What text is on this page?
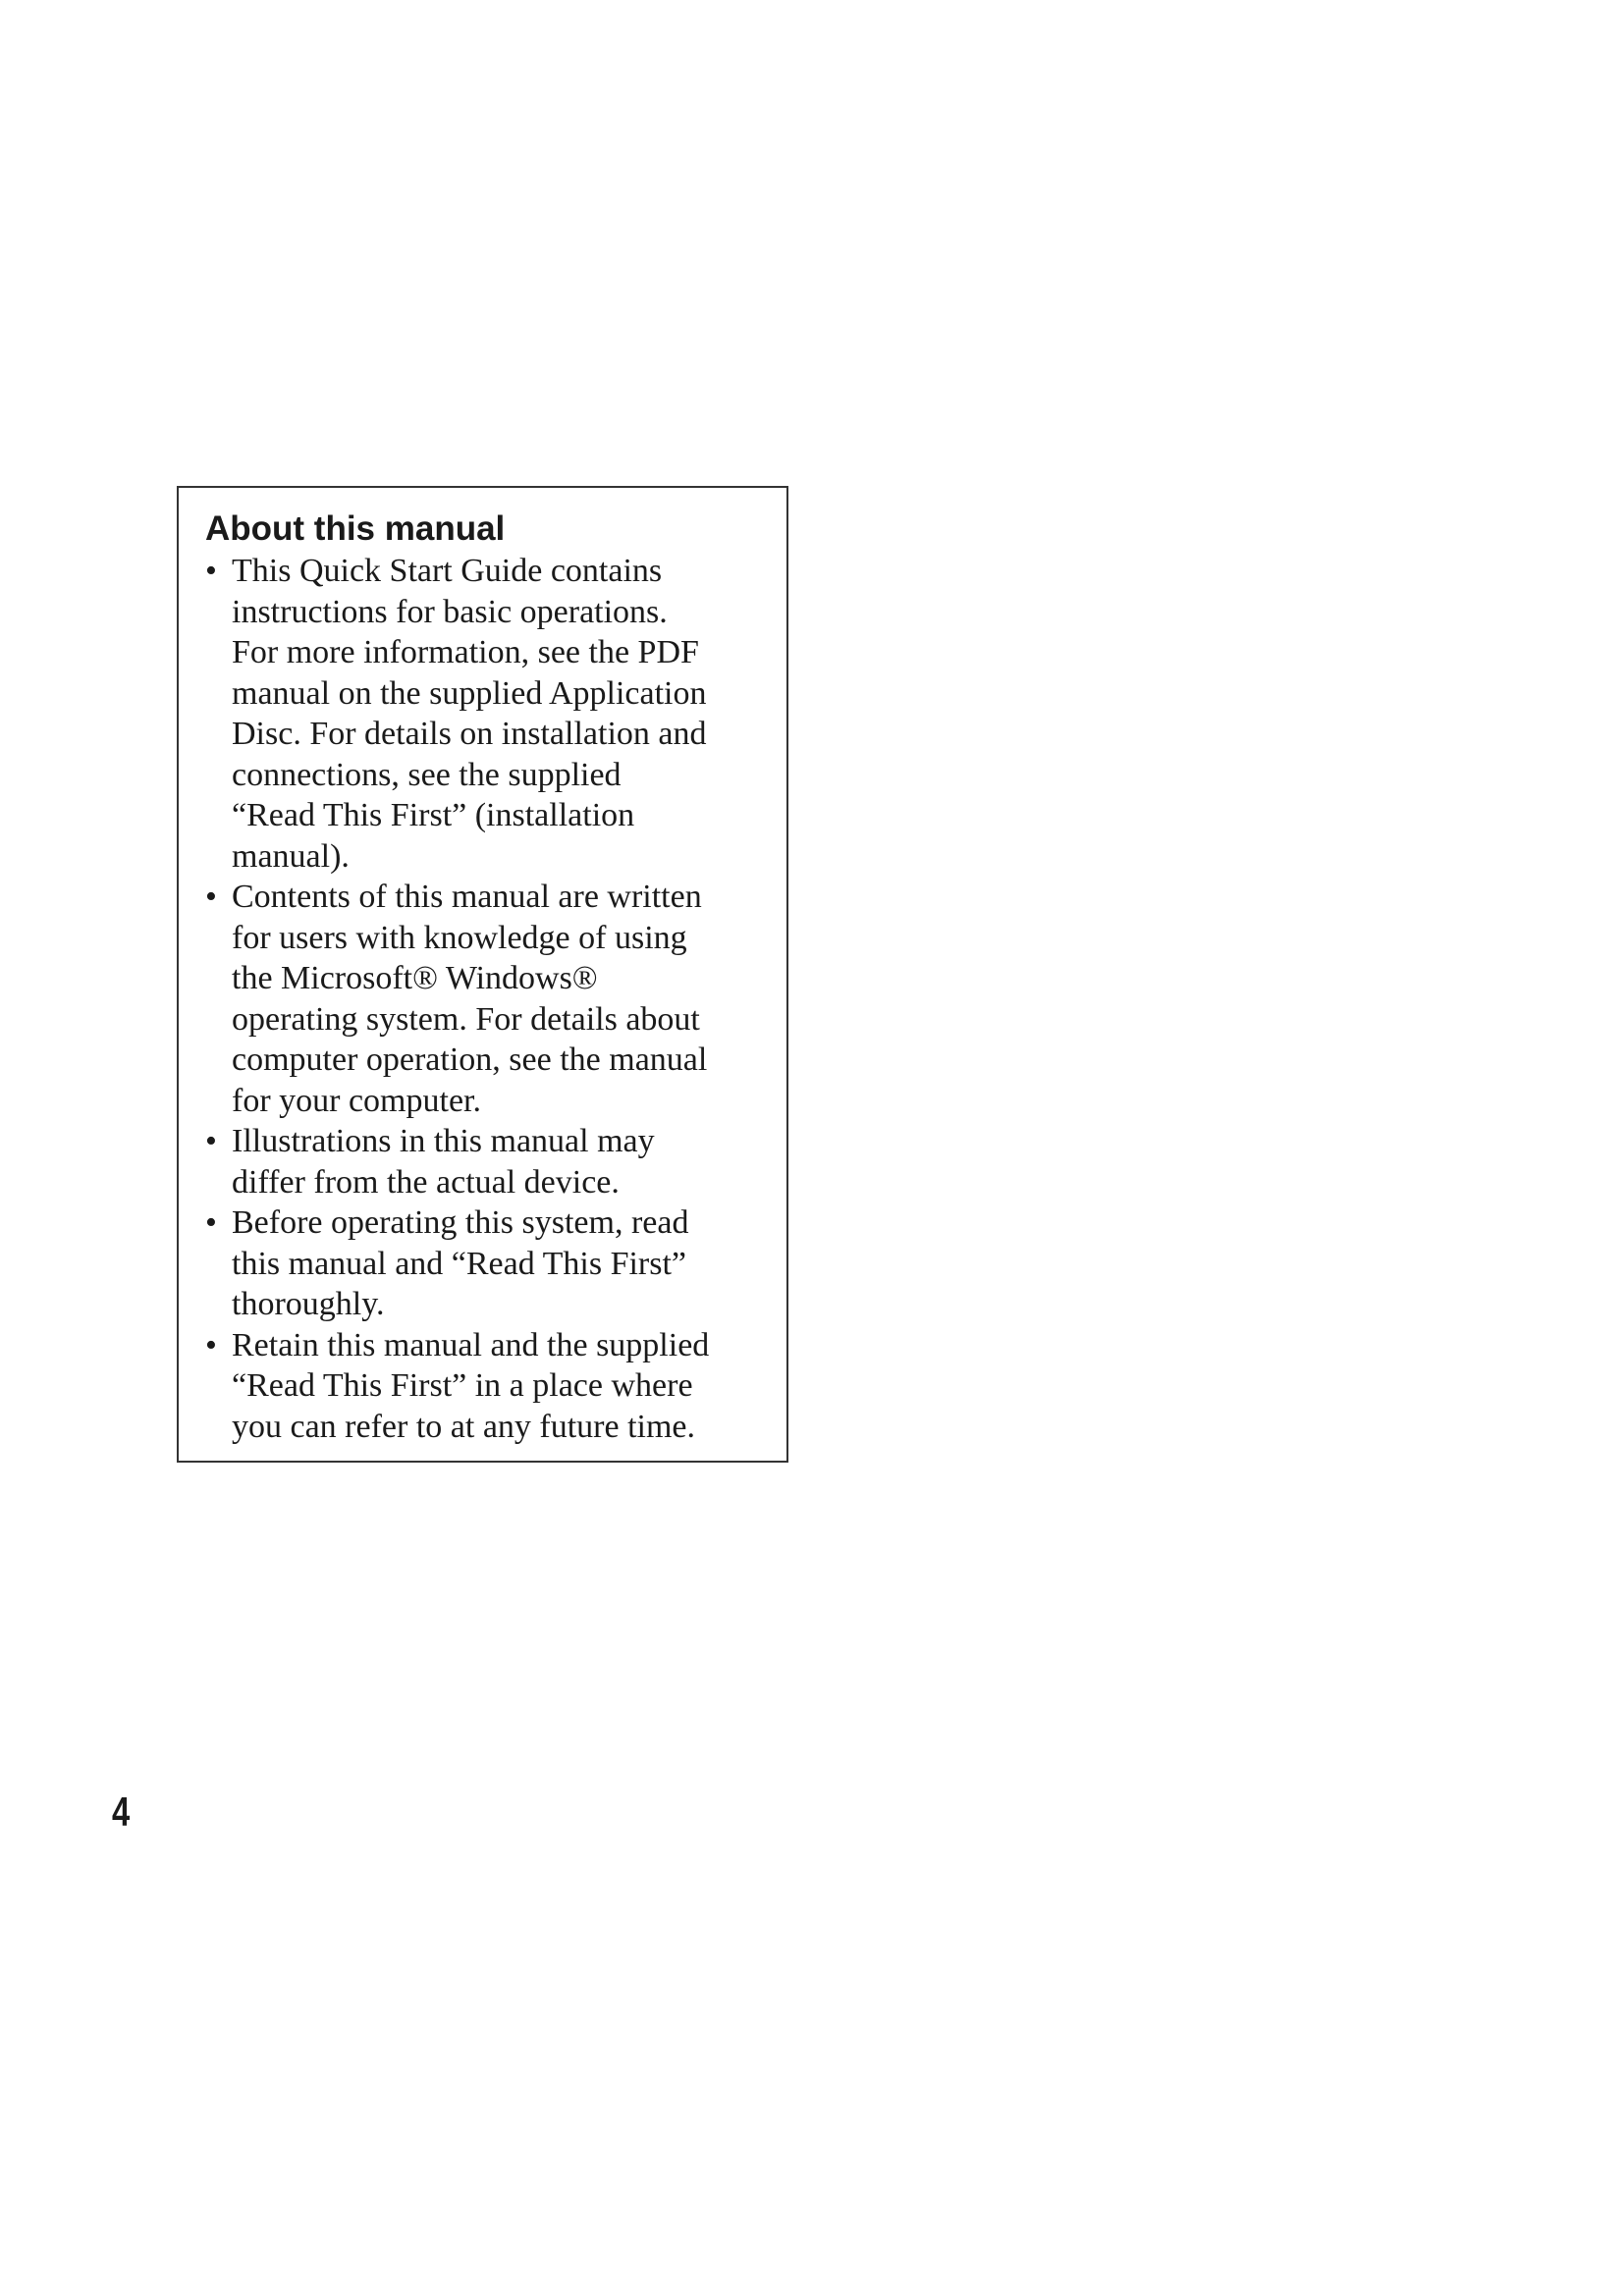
About this manual
• This Quick Start Guide contains
instructions for basic operations.
For more information, see the PDF
manual on the supplied Application
Disc. For details on installation and
connections, see the supplied
“Read This First” (installation
manual).
• Contents of this manual are written
for users with knowledge of using
the Microsoft® Windows®
operating system. For details about
computer operation, see the manual
for your computer.
• Illustrations in this manual may
differ from the actual device.
• Before operating this system, read
this manual and “Read This First”
thoroughly.
• Retain this manual and the supplied
“Read This First” in a place where
you can refer to at any future time.
4
